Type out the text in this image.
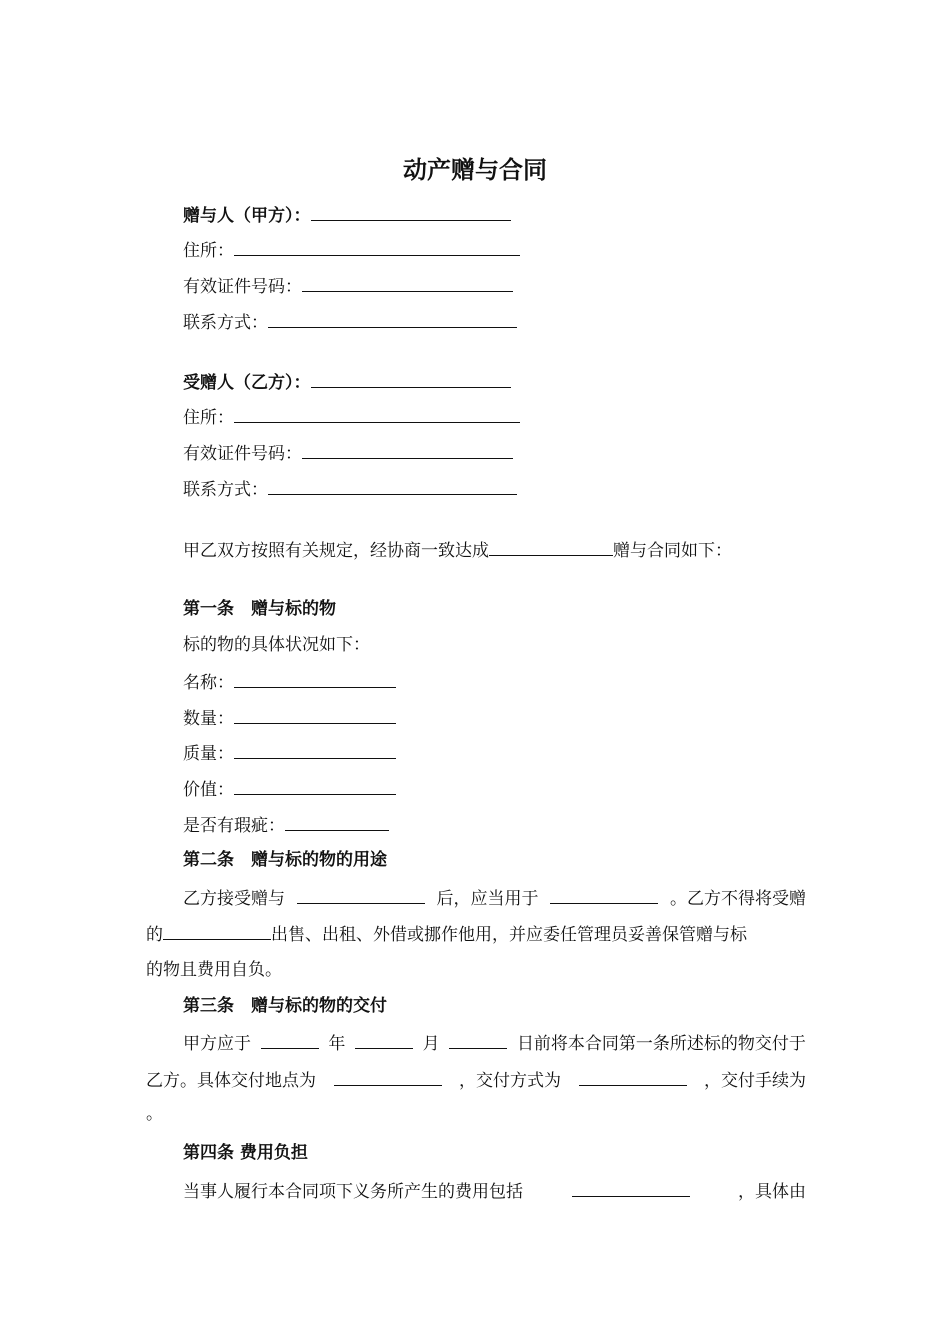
动产赠与合同
赠与人（甲方）：
住所：
有效证件号码：
联系方式：
受赠人（乙方）：
住所：
有效证件号码：
联系方式：
甲乙双方按照有关规定，经协商一致达成	赠与合同如下：
第一条　赠与标的物
标的物的具体状况如下：
名称：
数量：
质量：
价值：
是否有瑕疵：
第二条　赠与标的物的用途
乙方接受赠与	后，应当用于	。乙方不得将受赠
的	出售、出租、外借或挪作他用，并应委任管理员妥善保管赠与标
的物且费用自负。
第三条　赠与标的物的交付
甲方应于	年	月	日前将本合同第一条所述标的物交付于
乙方。具体交付地点为	，交付方式为	，交付手续为
。
第四条 费用负担
当事人履行本合同项下义务所产生的费用包括	，具体由
